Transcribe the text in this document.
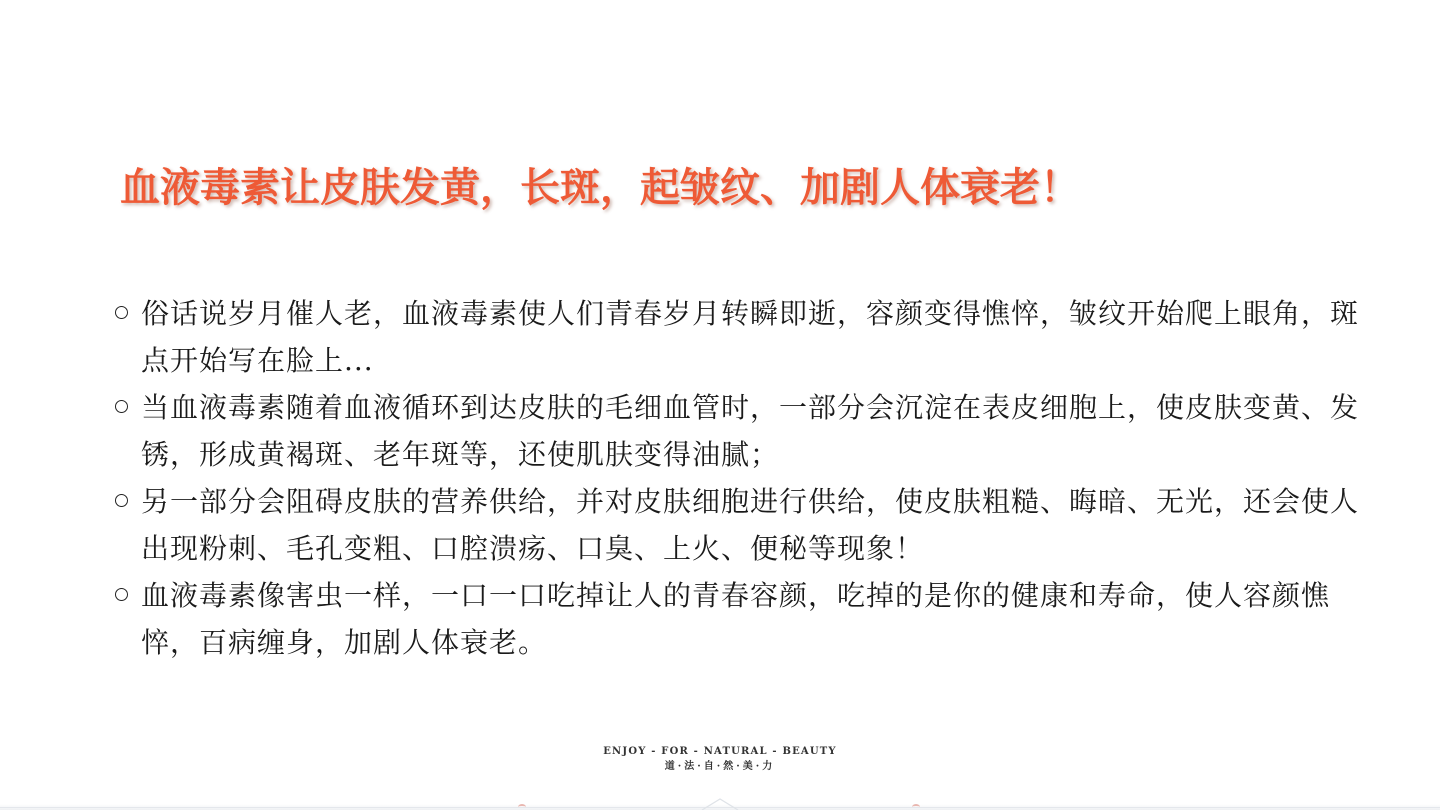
血液毒素让皮肤发黄，长斑，起皱纹、加剧人体衰老！
俗话说岁月催人老，血液毒素使人们青春岁月转瞬即逝，容颜变得憔悴，皱纹开始爬上眼角，斑点开始写在脸上...
当血液毒素随着血液循环到达皮肤的毛细血管时，一部分会沉淀在表皮细胞上，使皮肤变黄、发锈，形成黄褐斑、老年斑等，还使肌肤变得油腻；
另一部分会阻碍皮肤的营养供给，并对皮肤细胞进行供给，使皮肤粗糙、晦暗、无光，还会使人出现粉刺、毛孔变粗、口腔溃疡、口臭、上火、便秘等现象！
血液毒素像害虫一样，一口一口吃掉让人的青春容颜，吃掉的是你的健康和寿命，使人容颜憔悴，百病缠身，加剧人体衰老。
ENJOY - FOR - NATURAL - BEAUTY
道·法·自·然·美·力
